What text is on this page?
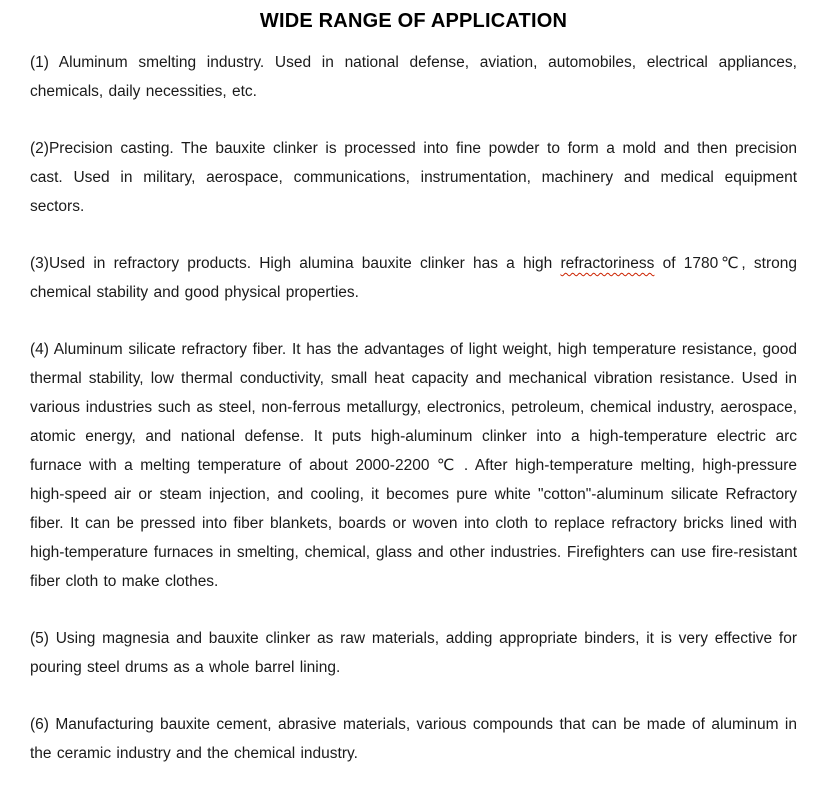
WIDE RANGE OF APPLICATION

(1) Aluminum smelting industry. Used in national defense, aviation, automobiles, electrical appliances, chemicals, daily necessities, etc.

(2)Precision casting. The bauxite clinker is processed into fine powder to form a mold and then precision cast. Used in military, aerospace, communications, instrumentation, machinery and medical equipment sectors.

(3)Used in refractory products. High alumina bauxite clinker has a high refractoriness of 1780℃, strong chemical stability and good physical properties.

(4) Aluminum silicate refractory fiber. It has the advantages of light weight, high temperature resistance, good thermal stability, low thermal conductivity, small heat capacity and mechanical vibration resistance. Used in various industries such as steel, non-ferrous metallurgy, electronics, petroleum, chemical industry, aerospace, atomic energy, and national defense. It puts high-aluminum clinker into a high-temperature electric arc furnace with a melting temperature of about 2000-2200 ℃ . After high-temperature melting, high-pressure high-speed air or steam injection, and cooling, it becomes pure white "cotton"-aluminum silicate Refractory fiber. It can be pressed into fiber blankets, boards or woven into cloth to replace refractory bricks lined with high-temperature furnaces in smelting, chemical, glass and other industries. Firefighters can use fire-resistant fiber cloth to make clothes.

(5) Using magnesia and bauxite clinker as raw materials, adding appropriate binders, it is very effective for pouring steel drums as a whole barrel lining.

(6) Manufacturing bauxite cement, abrasive materials, various compounds that can be made of aluminum in the ceramic industry and the chemical industry.
